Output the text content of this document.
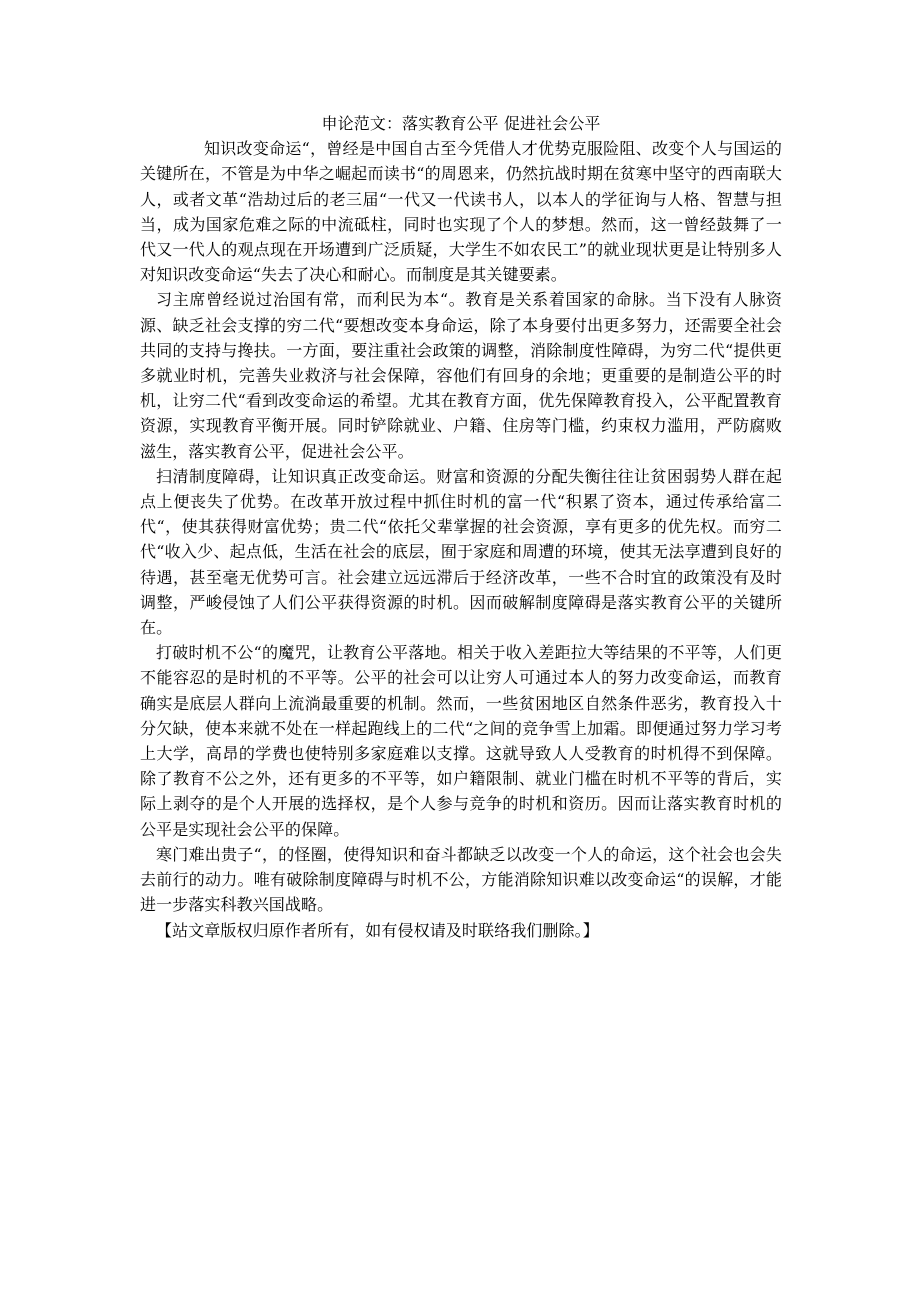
申论范文：落实教育公平 促进社会公平

知识改变命运“，曾经是中国自古至今凭借人才优势克服险阻、改变个人与国运的关键所在，不管是为中华之崛起而读书“的周恩来，仍然抗战时期在贫寒中坚守的西南联大人，或者文革“浩劫过后的老三届“一代又一代读书人，以本人的学征询与人格、智慧与担当，成为国家危难之际的中流砥柱，同时也实现了个人的梦想。然而，这一曾经鼓舞了一代又一代人的观点现在开场遭到广泛质疑，大学生不如农民工”的就业现状更是让特别多人对知识改变命运“失去了决心和耐心。而制度是其关键要素。

习主席曾经说过治国有常，而利民为本“。教育是关系着国家的命脉。当下没有人脉资源、缺乏社会支撑的穷二代“要想改变本身命运，除了本身要付出更多努力，还需要全社会共同的支持与搀扶。一方面，要注重社会政策的调整，消除制度性障碍，为穷二代“提供更多就业时机，完善失业救济与社会保障，容他们有回身的余地；更重要的是制造公平的时机，让穷二代“看到改变命运的希望。尤其在教育方面，优先保障教育投入，公平配置教育资源，实现教育平衡开展。同时铲除就业、户籍、住房等门槛，约束权力滥用，严防腐败滋生，落实教育公平，促进社会公平。

扫清制度障碍，让知识真正改变命运。财富和资源的分配失衡往往让贫困弱势人群在起点上便丧失了优势。在改革开放过程中抓住时机的富一代“积累了资本，通过传承给富二代“，使其获得财富优势；贵二代“依托父辈掌握的社会资源，享有更多的优先权。而穷二代“收入少、起点低，生活在社会的底层，囿于家庭和周遭的环境，使其无法享遭到良好的待遇，甚至毫无优势可言。社会建立远远滞后于经济改革，一些不合时宜的政策没有及时调整，严峻侵蚀了人们公平获得资源的时机。因而破解制度障碍是落实教育公平的关键所在。

打破时机不公“的魔咒，让教育公平落地。相关于收入差距拉大等结果的不平等，人们更不能容忍的是时机的不平等。公平的社会可以让穷人可通过本人的努力改变命运，而教育确实是底层人群向上流淌最重要的机制。然而，一些贫困地区自然条件恶劣，教育投入十分欠缺，使本来就不处在一样起跑线上的二代“之间的竞争雪上加霜。即便通过努力学习考上大学，高昂的学费也使特别多家庭难以支撑。这就导致人人受教育的时机得不到保障。除了教育不公之外，还有更多的不平等，如户籍限制、就业门槛在时机不平等的背后，实际上剥夺的是个人开展的选择权，是个人参与竞争的时机和资历。因而让落实教育时机的公平是实现社会公平的保障。

寒门难出贵子“，的怪圈，使得知识和奋斗都缺乏以改变一个人的命运，这个社会也会失去前行的动力。唯有破除制度障碍与时机不公，方能消除知识难以改变命运“的误解，才能进一步落实科教兴国战略。

【站文章版权归原作者所有，如有侵权请及时联络我们删除。】
